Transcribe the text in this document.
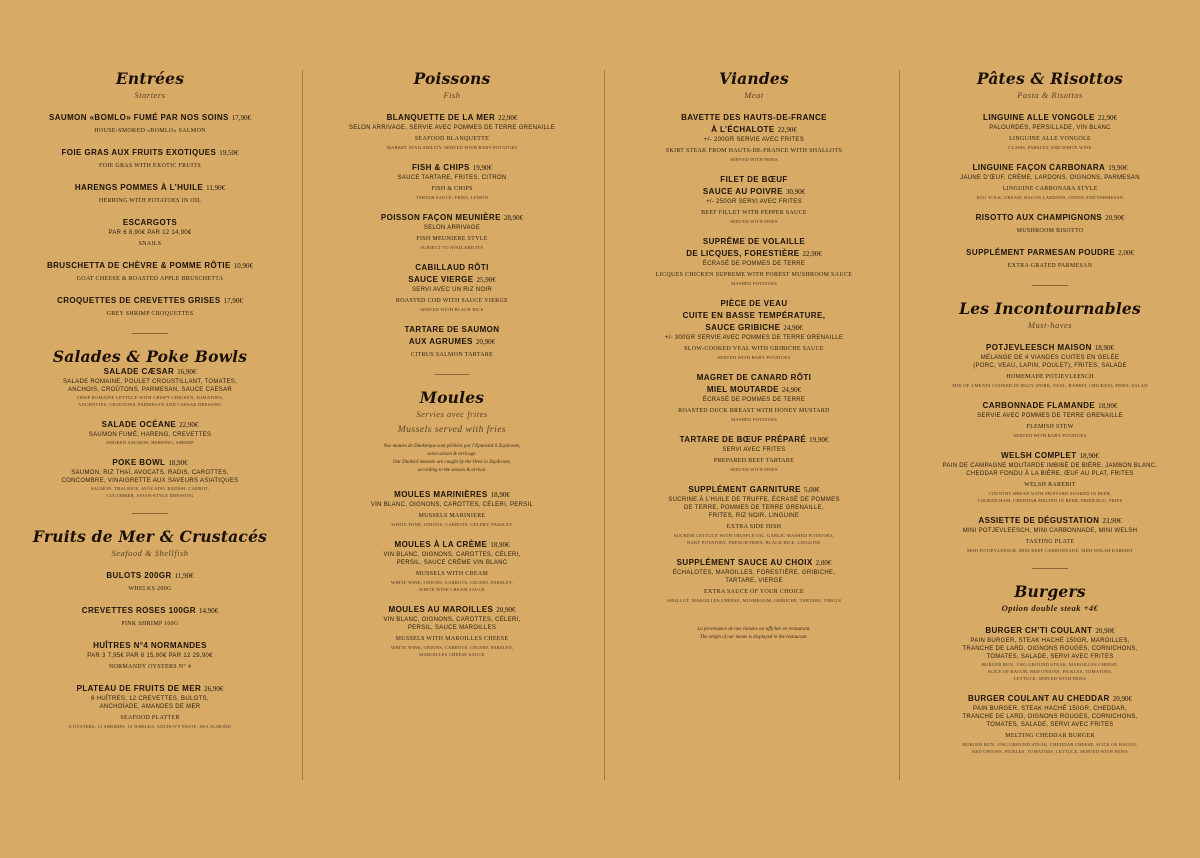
Entrées
Starters
SAUMON «BOMLO» FUMÉ PAR NOS SOINS 17,90€
HOUSE-SMOKED «BOMLO» SALMON
FOIE GRAS AUX FRUITS EXOTIQUES 19,50€
FOIE GRAS WITH EXOTIC FRUITS
HARENGS POMMES À L’HUILE 11,90€
HERRING WITH POTATOES IN OIL
ESCARGOTS
PAR 6 8,90€ PAR 12 14,90€
SNAILS
BRUSCHETTA DE CHÈVRE & POMME RÔTIE 10,90€
GOAT CHEESE & ROASTED APPLE BRUSCHETTA
CROQUETTES DE CREVETTES GRISES 17,90€
GREY SHRIMP CROQUETTES
Salades & Poke Bowls
SALADE CÆSAR 16,90€
SALADE ROMAINE, POULET CROUSTILLANT, TOMATES,
ANCHOIS, CROÛTONS, PARMESAN, SAUCE CAESAR
CRISP ROMAINE LETTUCE WITH CRISPY CHICKEN, TOMATOES,
ANCHOVIES, CROUTONS, PARMESAN AND CAESAR DRESSING
SALADE OCÉANE 22,90€
SAUMON FUMÉ, HARENG, CREVETTES
SMOKED SALMON, HERRING, SHRIMP
POKE BOWL 18,90€
SAUMON, RIZ THAÏ, AVOCATS, RADIS, CAROTTES,
CONCOMBRE, VINAIGRETTE AUX SAVEURS ASIATIQUES
SALMON, THAI RICE, AVOCADO, RADISH, CARROT,
CUCUMBER, ASIAN-STYLE DRESSING
Fruits de Mer & Crustacés
Seafood & Shellfish
BULOTS 200GR 11,90€
WHELKS 200G
CREVETTES ROSES 100GR 14,90€
PINK SHRIMP 100G
HUÎTRES N°4 NORMANDES
PAR 3 7,95€ PAR 6 15,90€ PAR 12 29,90€
NORMANDY OYSTERS N° 4
PLATEAU DE FRUITS DE MER 26,90€
6 HUÎTRES, 12 CREVETTES, BULOTS,
ANCHOÏADE, AMANDES DE MER
SEAFOOD PLATTER
6 OYSTERS, 12 SHRIMPS, 12 WHELKS, ANCHOVY PASTE, SEA ALMOND
Poissons
Fish
BLANQUETTE DE LA MER 22,90€
SELON ARRIVAGE, SERVIE AVEC POMMES DE TERRE GRENAILLE
SEAFOOD BLANQUETTE
MARKET AVAILABILITY, SERVED WITH BABY POTATOES
FISH & CHIPS 19,90€
SAUCE TARTARE, FRITES, CITRON
FISH & CHIPS
TARTAR SAUCE, FRIES, LEMON
POISSON FAÇON MEUNIÈRE 28,90€
SELON ARRIVAGE
FISH MEUNIERE STYLE
SUBJECT TO AVAILABILITY
CABILLAUD RÔTI
SAUCE VIERGE 25,90€
SERVI AVEC UN RIZ NOIR
ROASTED COD WITH SAUCE VIERGE
SERVED WITH BLACK RICE
TARTARE DE SAUMON
AUX AGRUMES 20,90€
CITRUS SALMON TARTARE
Moules
Servies avec frites
Mussels served with fries
Nos moules de Dunkerque sont pêchées par l’Epuisard à Zuydcoote,
selon saison & arrivage.
Our Dunkirk mussels are caught by the Oren in Zuydcoote,
according to the season & arrival.
MOULES MARINIÈRES 18,90€
VIN BLANC, OIGNONS, CAROTTES, CÉLERI, PERSIL
MUSSELS MARINIERE
WHITE WINE, ONIONS, CARROTS, CELERY, PARSLEY
MOULES À LA CRÈME 18,90€
VIN BLANC, OIGNONS, CAROTTES, CÉLERI,
PERSIL, SAUCE CRÈME VIN BLANC
MUSSELS WITH CREAM
WHITE WINE, ONIONS, CARROTS, CELERY, PARSLEY,
WHITE WINE CREAM SAUCE
MOULES AU MAROILLES 20,90€
VIN BLANC, OIGNONS, CAROTTES, CÉLERI,
PERSIL, SAUCE MAROILLES
MUSSELS WITH MAROILLES CHEESE
WHITE WINE, ONIONS, CARROTS, CELERY, PARSLEY,
MAROILLES CHEESE SAUCE
Viandes
Meat
BAVETTE DES HAUTS-DE-FRANCE
À L’ÉCHALOTE 22,90€
+/- 200GR SERVIE AVEC FRITES
SKIRT STEAK FROM HAUTS-DE-FRANCE WITH SHALLOTS
SERVED WITH FRIES
FILET DE BŒUF
SAUCE AU POIVRE 30,90€
+/- 250GR SERVI AVEC FRITES
BEEF FILLET WITH PEPPER SAUCE
SERVED WITH FRIES
SUPRÊME DE VOLAILLE
DE LICQUES, FORESTIÈRE 22,90€
ÉCRASÉ DE POMMES DE TERRE
LICQUES CHICKEN SUPREME WITH FOREST MUSHROOM SAUCE
MASHED POTATOES
PIÈCE DE VEAU
CUITE EN BASSE TEMPÉRATURE,
SAUCE GRIBICHE 24,90€
+/- 300GR SERVIE AVEC POMMES DE TERRE GRENAILLE
SLOW-COOKED VEAL WITH GRIBICHE SAUCE
SERVED WITH BABY POTATOES
MAGRET DE CANARD RÔTI
MIEL MOUTARDE 24,90€
ÉCRASÉ DE POMMES DE TERRE
ROASTED DUCK BREAST WITH HONEY MUSTARD
MASHED POTATOES
TARTARE DE BŒUF PRÉPARÉ 19,90€
SERVI AVEC FRITES
PREPARED BEEF TARTARE
SERVED WITH FRIES
SUPPLÉMENT GARNITURE 5,00€
SUCRINE À L’HUILE DE TRUFFE, ÉCRASÉ DE POMMES
DE TERRE, POMMES DE TERRE GRENAILLE,
FRITES, RIZ NOIR, LINGUINE
EXTRA SIDE DISH
SUCRINE LETTUCE WITH TRUFFLE OIL, GARLIC MASHED POTATOES,
BABY POTATOES, FRENCH FRIES, BLACK RICE, LINGUINE
SUPPLÉMENT SAUCE AU CHOIX 2,00€
ÉCHALOTES, MAROILLES, FORESTIÈRE, GRIBICHE,
TARTARE, VIERGE
EXTRA SAUCE OF YOUR CHOICE
SHALLOT, MAROILLES CHEESE, MUSHROOM, GRIBICHE, TARTARE, VIRGIN
La provenance de nos viandes est affichée en restaurant.
The origin of our meats is displayed in the restaurant.
Pâtes & Risottos
Pasta & Risottos
LINGUINE ALLE VONGOLE 22,90€
PALOURDES, PERSILLADE, VIN BLANC
LINGUINE ALLE VONGOLE
CLAMS, PARSLEY AND WHITE WINE
LINGUINE FAÇON CARBONARA 19,90€
JAUNE D’ŒUF, CRÈME, LARDONS, OIGNONS, PARMESAN
LINGUINE CARBONARA STYLE
EGG YOLK, CREAM, BACON LARDONS, ONION AND PARMESAN
RISOTTO AUX CHAMPIGNONS 20,90€
MUSHROOM RISOTTO
SUPPLÉMENT PARMESAN POUDRE 2,00€
EXTRA GRATED PARMESAN
Les Incontournables
Must-haves
POTJEVLEESCH MAISON 18,90€
MÉLANGE DE 4 VIANDES CUITES EN GELÉE
(PORC, VEAU, LAPIN, POULET), FRITES, SALADE
HOMEMADE POTJEVLEESCH
MIX OF 4 MEATS COOKED IN JELLY (PORK, VEAL, RABBIT, CHICKEN), FRIES, SALAD
CARBONNADE FLAMANDE 18,90€
SERVIE AVEC POMMES DE TERRE GRENAILLE
FLEMISH STEW
SERVED WITH BABY POTATOES
WELSH COMPLET 18,90€
PAIN DE CAMPAGNE MOUTARDE IMBIBÉ DE BIÈRE, JAMBON BLANC,
CHEDDAR FONDU À LA BIÈRE, ŒUF AU PLAT, FRITES
WELSH RAREBIT
COUNTRY BREAD WITH MUSTARD SOAKED IN BEER,
COOKED HAM, CHEDDAR MELTED IN BEER, FRIED EGG, FRIES
ASSIETTE DE DÉGUSTATION 23,90€
MINI POTJEVLEESCH, MINI CARBONNADE, MINI WELSH
TASTING PLATE
MINI POTJEVLEESCH, MINI BEEF CARBONNADE, MINI WELSH RAREBIT
Burgers
Option double steak +4€
BURGER CH’TI COULANT 20,90€
PAIN BURGER, STEAK HACHÉ 150GR, MAROILLES,
TRANCHE DE LARD, OIGNONS ROUGES, CORNICHONS,
TOMATES, SALADE, SERVI AVEC FRITES
BURGER BUN, 150G GROUND STEAK, MAROILLES CHEESE,
SLICE OF BACON, RED ONIONS, PICKLES, TOMATOES,
LETTUCE, SERVED WITH FRIES
BURGER COULANT AU CHEDDAR 20,90€
PAIN BURGER, STEAK HACHÉ 150GR, CHEDDAR,
TRANCHE DE LARD, OIGNONS ROUGES, CORNICHONS,
TOMATES, SALADE, SERVI AVEC FRITES
MELTING CHEDDAR BURGER
BURGER BUN, 150G GROUND STEAK, CHEDDAR CHEESE, SLICE OF BACON,
RED ONIONS, PICKLES, TOMATOES, LETTUCE, SERVED WITH FRIES
